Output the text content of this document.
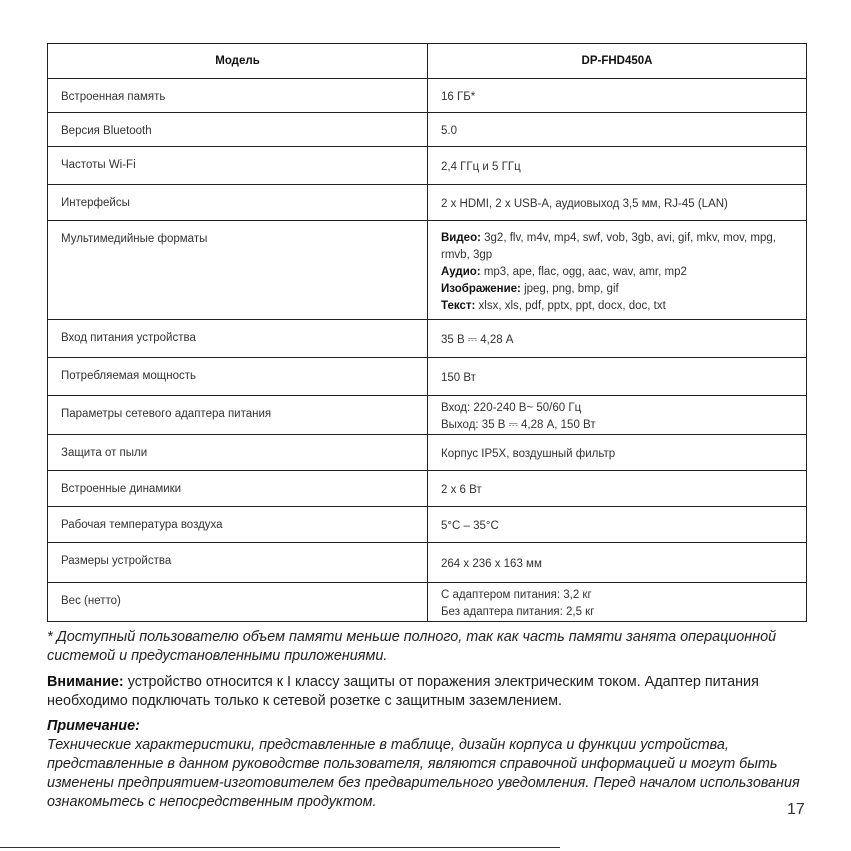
Модель	DP-FHD450A
Встроенная память	16 ГБ*
Версия Bluetooth	5.0
Частоты Wi-Fi	2,4 ГГц и 5 ГГц
Интерфейсы	2 x HDMI, 2 x USB-A, аудиовыход 3,5 мм, RJ-45 (LAN)
Мультимедийные форматы	Видео: 3g2, flv, m4v, mp4, swf, vob, 3gb, avi, gif, mkv, mov, mpg, rmvb, 3gp
Аудио: mp3, ape, flac, ogg, aac, wav, amr, mp2
Изображение: jpeg, png, bmp, gif
Текст: xlsx, xls, pdf, pptx, ppt, docx, doc, txt

Вход питания устройства	35 В ⎓ 4,28 А
Потребляемая мощность	150 Вт
Параметры сетевого адаптера питания	Вход: 220-240 В~ 50/60 Гц
Выход: 35 В ⎓ 4,28 А, 150 Вт

Защита от пыли	Корпус IP5X, воздушный фильтр
Встроенные динамики	2 x 6 Вт
Рабочая температура воздуха	5°C – 35°C
Размеры устройства	264 x 236 x 163 мм
Вес (нетто)	С адаптером питания: 3,2 кг
Без адаптера питания: 2,5 кг
* Доступный пользователю объем памяти меньше полного, так как часть памяти занята операционной системой и предустановленными приложениями.
Внимание: устройство относится к I классу защиты от поражения электрическим током. Адаптер питания необходимо подключать только к сетевой розетке с защитным заземлением.
Примечание:
Технические характеристики, представленные в таблице, дизайн корпуса и функции устройства, представленные в данном руководстве пользователя, являются справочной информацией и могут быть изменены предприятием-изготовителем без предварительного уведомления. Перед началом использования ознакомьтесь с непосредственным продуктом.	17
